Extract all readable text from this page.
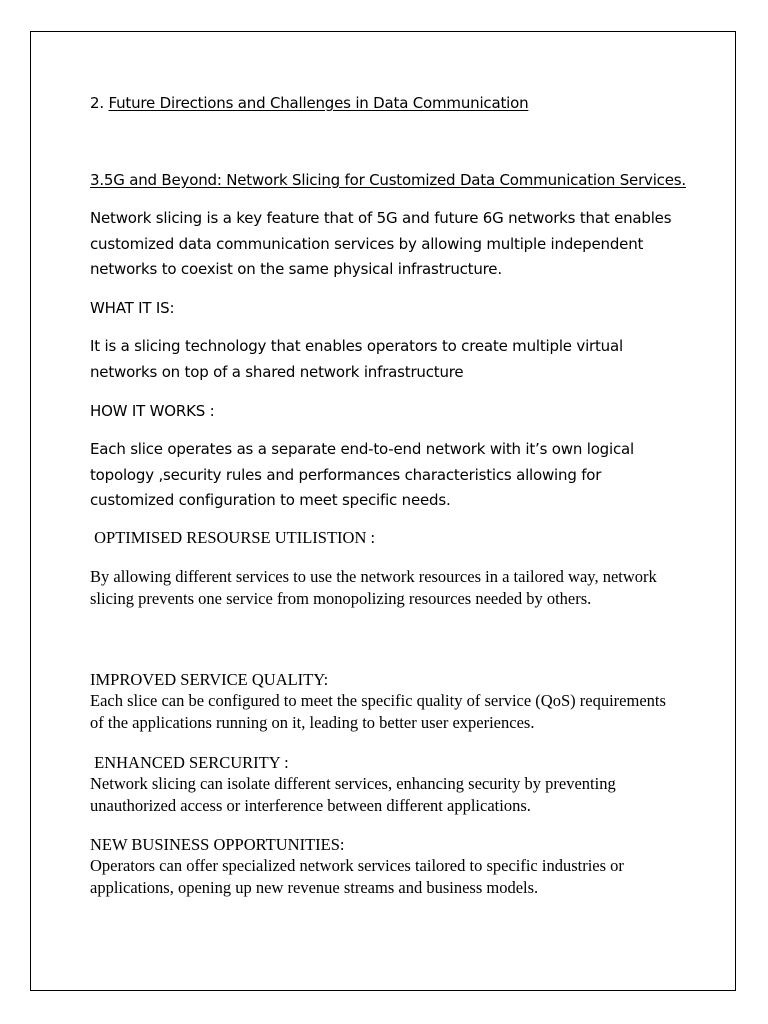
2. Future Directions and Challenges in Data Communication
3.5G and Beyond: Network Slicing for Customized Data Communication Services.

Network slicing is a key feature that of 5G and future 6G networks that enables customized data communication services by allowing multiple independent networks to coexist on the same physical infrastructure.

WHAT IT IS:

It is a slicing technology that enables operators to create multiple virtual networks on top of a shared network infrastructure

HOW IT WORKS :

Each slice operates as a separate end-to-end network with it’s own logical topology ,security rules and performances characteristics allowing for customized configuration to meet specific needs.

OPTIMISED RESOURSE UTILISTION :

By allowing different services to use the network resources in a tailored way, network slicing prevents one service from monopolizing resources needed by others.

IMPROVED SERVICE QUALITY:

Each slice can be configured to meet the specific quality of service (QoS) requirements of the applications running on it, leading to better user experiences.

ENHANCED SERCURITY :

Network slicing can isolate different services, enhancing security by preventing unauthorized access or interference between different applications.

NEW BUSINESS OPPORTUNITIES:

Operators can offer specialized network services tailored to specific industries or applications, opening up new revenue streams and business models.
